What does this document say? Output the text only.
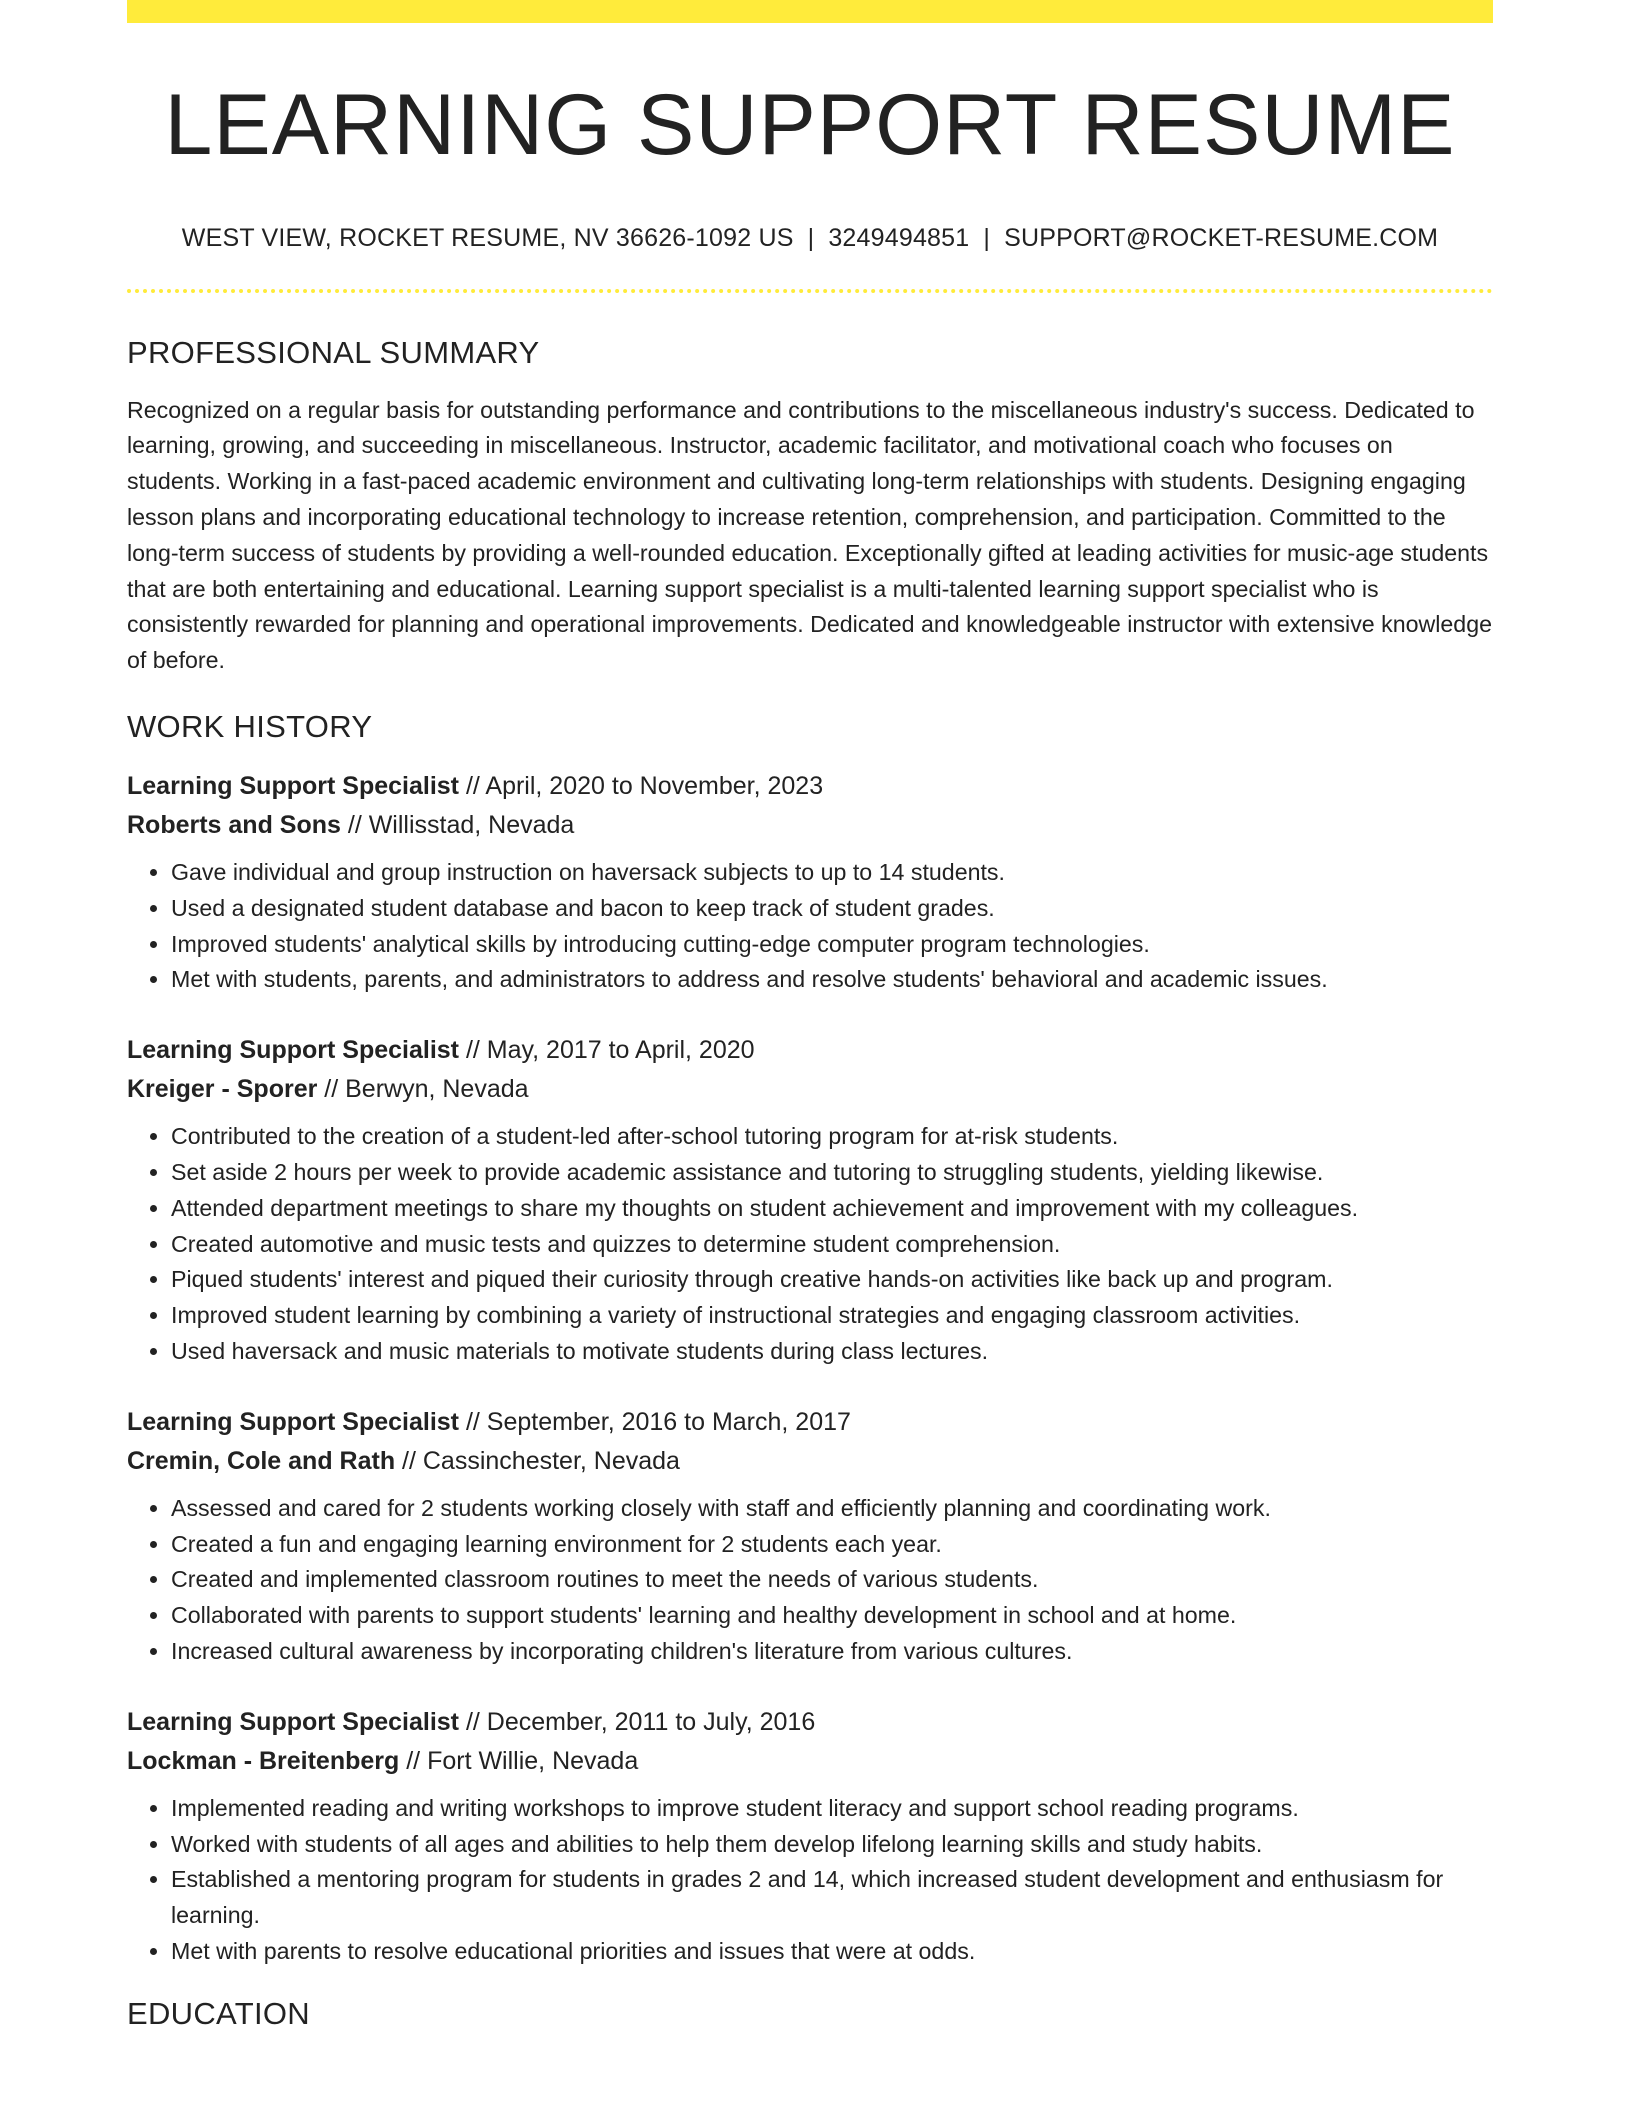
LEARNING SUPPORT RESUME
WEST VIEW, ROCKET RESUME, NV 36626-1092 US | 3249494851 | SUPPORT@ROCKET-RESUME.COM
PROFESSIONAL SUMMARY

Recognized on a regular basis for outstanding performance and contributions to the miscellaneous industry's success. Dedicated to learning, growing, and succeeding in miscellaneous. Instructor, academic facilitator, and motivational coach who focuses on students. Working in a fast-paced academic environment and cultivating long-term relationships with students. Designing engaging lesson plans and incorporating educational technology to increase retention, comprehension, and participation. Committed to the long-term success of students by providing a well-rounded education. Exceptionally gifted at leading activities for music-age students that are both entertaining and educational. Learning support specialist is a multi-talented learning support specialist who is consistently rewarded for planning and operational improvements. Dedicated and knowledgeable instructor with extensive knowledge of before.

WORK HISTORY
Learning Support Specialist // April, 2020 to November, 2023
Roberts and Sons // Willisstad, Nevada
• Gave individual and group instruction on haversack subjects to up to 14 students.
• Used a designated student database and bacon to keep track of student grades.
• Improved students' analytical skills by introducing cutting-edge computer program technologies.
• Met with students, parents, and administrators to address and resolve students' behavioral and academic issues.
Learning Support Specialist // May, 2017 to April, 2020
Kreiger - Sporer // Berwyn, Nevada
• Contributed to the creation of a student-led after-school tutoring program for at-risk students.
• Set aside 2 hours per week to provide academic assistance and tutoring to struggling students, yielding likewise.
• Attended department meetings to share my thoughts on student achievement and improvement with my colleagues.
• Created automotive and music tests and quizzes to determine student comprehension.
• Piqued students' interest and piqued their curiosity through creative hands-on activities like back up and program.
• Improved student learning by combining a variety of instructional strategies and engaging classroom activities.
• Used haversack and music materials to motivate students during class lectures.
Learning Support Specialist // September, 2016 to March, 2017
Cremin, Cole and Rath // Cassinchester, Nevada
• Assessed and cared for 2 students working closely with staff and efficiently planning and coordinating work.
• Created a fun and engaging learning environment for 2 students each year.
• Created and implemented classroom routines to meet the needs of various students.
• Collaborated with parents to support students' learning and healthy development in school and at home.
• Increased cultural awareness by incorporating children's literature from various cultures.
Learning Support Specialist // December, 2011 to July, 2016
Lockman - Breitenberg // Fort Willie, Nevada
• Implemented reading and writing workshops to improve student literacy and support school reading programs.
• Worked with students of all ages and abilities to help them develop lifelong learning skills and study habits.
• Established a mentoring program for students in grades 2 and 14, which increased student development and enthusiasm for learning.
• Met with parents to resolve educational priorities and issues that were at odds.
EDUCATION
